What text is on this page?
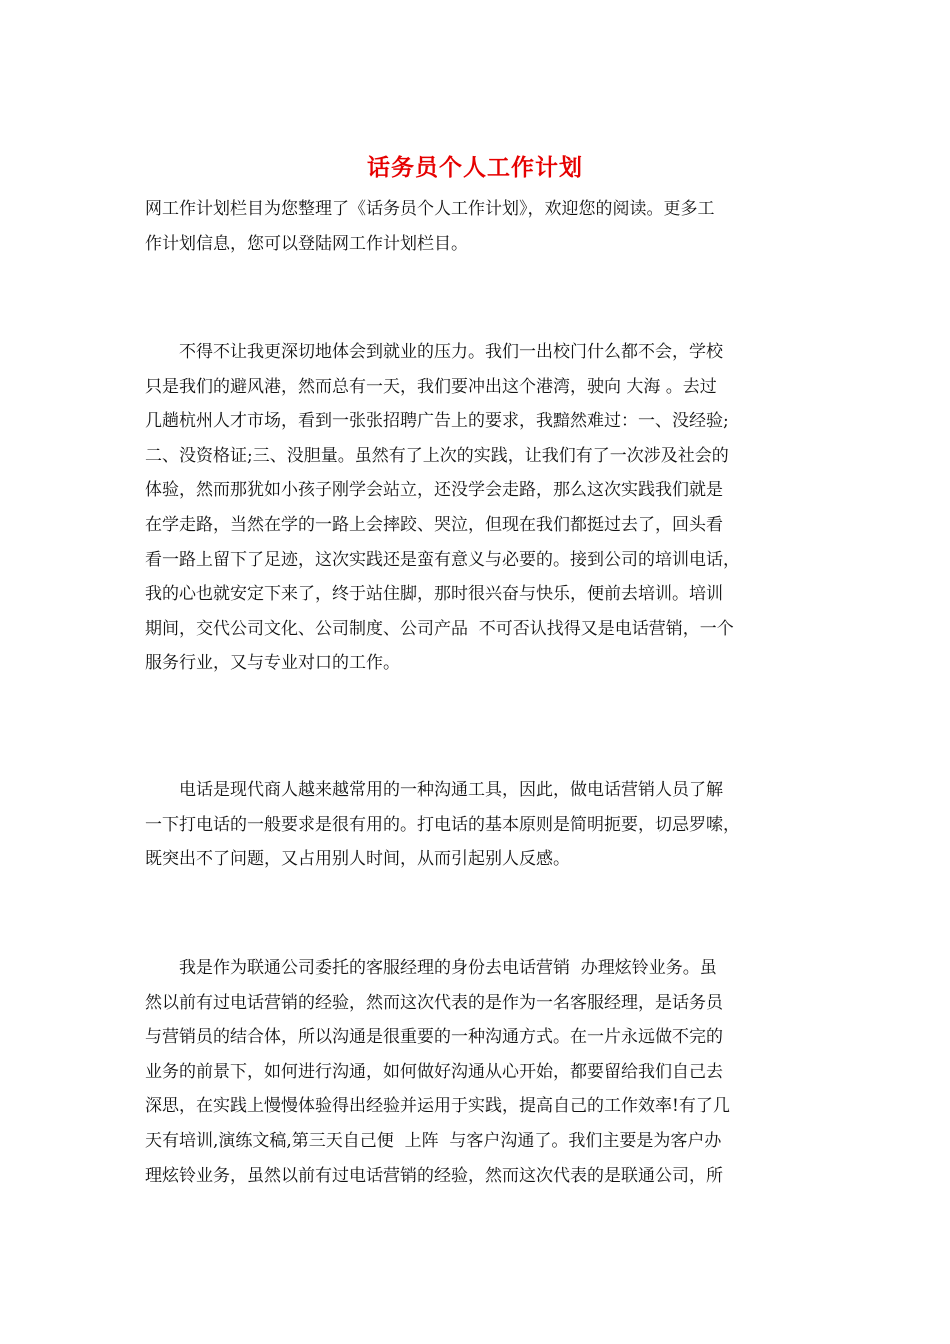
话务员个人工作计划
网工作计划栏目为您整理了《话务员个人工作计划》，欢迎您的阅读。更多工
作计划信息，您可以登陆网工作计划栏目。
　　不得不让我更深切地体会到就业的压力。我们一出校门什么都不会，学校
只是我们的避风港，然而总有一天，我们要冲出这个港湾，驶向 大海 。去过
几趟杭州人才市场，看到一张张招聘广告上的要求，我黯然难过：一、没经验;
二、没资格证;三、没胆量。虽然有了上次的实践，让我们有了一次涉及社会的
体验，然而那犹如小孩子刚学会站立，还没学会走路，那么这次实践我们就是
在学走路，当然在学的一路上会摔跤、哭泣，但现在我们都挺过去了，回头看
看一路上留下了足迹，这次实践还是蛮有意义与必要的。接到公司的培训电话，
我的心也就安定下来了，终于站住脚，那时很兴奋与快乐，便前去培训。培训
期间，交代公司文化、公司制度、公司产品  不可否认找得又是电话营销，一个
服务行业，又与专业对口的工作。
　　电话是现代商人越来越常用的一种沟通工具，因此，做电话营销人员了解
一下打电话的一般要求是很有用的。打电话的基本原则是简明扼要，切忌罗嗦，
既突出不了问题，又占用别人时间，从而引起别人反感。
　　我是作为联通公司委托的客服经理的身份去电话营销  办理炫铃业务。虽
然以前有过电话营销的经验，然而这次代表的是作为一名客服经理，是话务员
与营销员的结合体，所以沟通是很重要的一种沟通方式。在一片永远做不完的
业务的前景下，如何进行沟通，如何做好沟通从心开始，都要留给我们自己去
深思，在实践上慢慢体验得出经验并运用于实践，提高自己的工作效率!有了几
天有培训,演练文稿,第三天自己便  上阵  与客户沟通了。我们主要是为客户办
理炫铃业务，虽然以前有过电话营销的经验，然而这次代表的是联通公司，所
